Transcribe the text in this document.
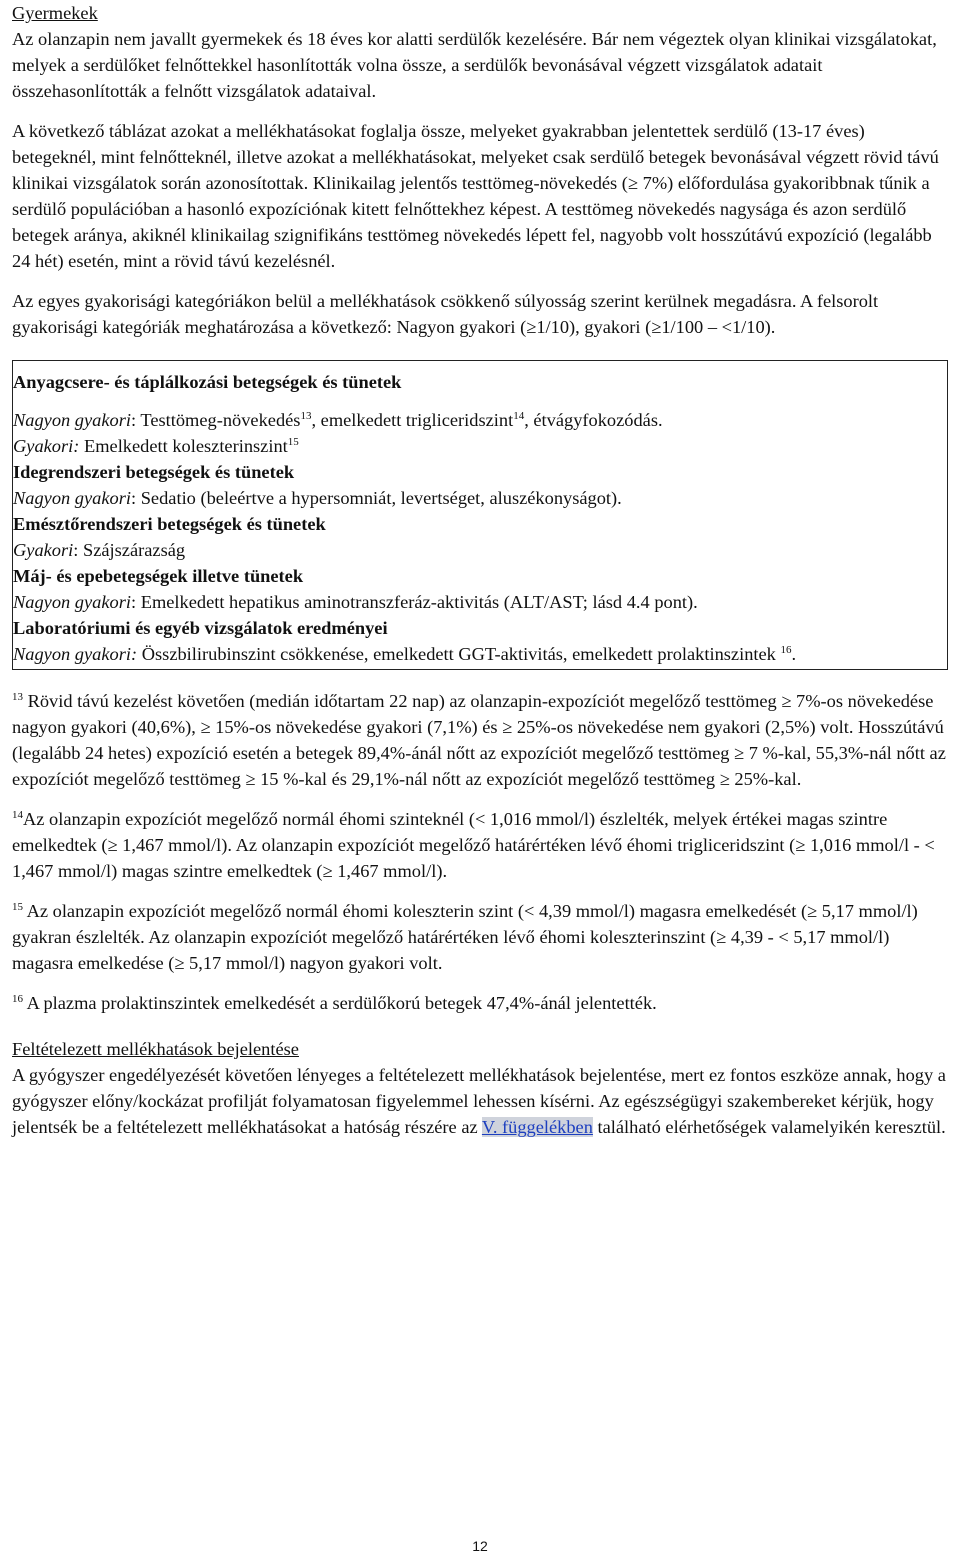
Gyermekek

Az olanzapin nem javallt gyermekek és 18 éves kor alatti serdülők kezelésére. Bár nem végeztek olyan klinikai vizsgálatokat, melyek a serdülőket felnőttekkel hasonlították volna össze, a serdülők bevonásával végzett vizsgálatok adatait összehasonlították a felnőtt vizsgálatok adataival.

A következő táblázat azokat a mellékhatásokat foglalja össze, melyeket gyakrabban jelentettek serdülő (13-17 éves) betegeknél, mint felnőtteknél, illetve azokat a mellékhatásokat, melyeket csak serdülő betegek bevonásával végzett rövid távú klinikai vizsgálatok során azonosítottak. Klinikailag jelentős testtömeg-növekedés (≥ 7%) előfordulása gyakoribbnak tűnik a serdülő populációban a hasonló expozíciónak kitett felnőttekhez képest. A testtömeg növekedés nagysága és azon serdülő betegek aránya, akiknél klinikailag szignifikáns testtömeg növekedés lépett fel, nagyobb volt hosszútávú expozíció (legalább 24 hét) esetén, mint a rövid távú kezelésnél.

Az egyes gyakorisági kategóriákon belül a mellékhatások csökkenő súlyosság szerint kerülnek megadásra. A felsorolt gyakorisági kategóriák meghatározása a következő: Nagyon gyakori (≥1/10), gyakori (≥1/100 – <1/10).

Anyagcsere- és táplálkozási betegségek és tünetek

Nagyon gyakori: Testtömeg-növekedés$^{13}$, emelkedett trigliceridszint$^{14}$, étvágyfokozódás.

Gyakori: Emelkedett koleszterinszint$^{15}$

Idegrendszeri betegségek és tünetek

Nagyon gyakori: Sedatio (beleértve a hypersomniát, levertséget, aluszékonyságot).

Emésztőrendszeri betegségek és tünetek

Gyakori: Szájszárazság

Máj- és epebetegségek illetve tünetek

Nagyon gyakori: Emelkedett hepatikus aminotranszferáz-aktivitás (ALT/AST; lásd 4.4 pont).

Laboratóriumi és egyéb vizsgálatok eredményei

Nagyon gyakori: Összbilirubinszint csökkenése, emelkedett GGT-aktivitás, emelkedett prolaktinszintek $^{16}$.

$^{13}$ Rövid távú kezelést követően (medián időtartam 22 nap) az olanzapin-expozíciót megelőző testtömeg ≥ 7%-os növekedése nagyon gyakori (40,6%), ≥ 15%-os növekedése gyakori (7,1%) és ≥ 25%-os növekedése nem gyakori (2,5%) volt. Hosszútávú (legalább 24 hetes) expozíció esetén a betegek 89,4%-ánál nőtt az expozíciót megelőző testtömeg ≥ 7 %-kal, 55,3%-nál nőtt az expozíciót megelőző testtömeg ≥ 15 %-kal és 29,1%-nál nőtt az expozíciót megelőző testtömeg ≥ 25%-kal.

$^{14}$Az olanzapin expozíciót megelőző normál éhomi szinteknél (< 1,016 mmol/l) észlelték, melyek értékei magas szintre emelkedtek (≥ 1,467 mmol/l). Az olanzapin expozíciót megelőző határértéken lévő éhomi trigliceridszint (≥ 1,016 mmol/l - < 1,467 mmol/l) magas szintre emelkedtek (≥ 1,467 mmol/l).

$^{15}$ Az olanzapin expozíciót megelőző normál éhomi koleszterin szint (< 4,39 mmol/l) magasra emelkedését (≥ 5,17 mmol/l) gyakran észlelték. Az olanzapin expozíciót megelőző határértéken lévő éhomi koleszterinszint (≥ 4,39 - < 5,17 mmol/l) magasra emelkedése (≥ 5,17 mmol/l) nagyon gyakori volt.

$^{16}$ A plazma prolaktinszintek emelkedését a serdülőkorú betegek 47,4%-ánál jelentették.

Feltételezett mellékhatások bejelentése

A gyógyszer engedélyezését követően lényeges a feltételezett mellékhatások bejelentése, mert ez fontos eszköze annak, hogy a gyógyszer előny/kockázat profilját folyamatosan figyelemmel lehessen kísérni. Az egészségügyi szakembereket kérjük, hogy jelentsék be a feltételezett mellékhatásokat a hatóság részére az V. függelékben található elérhetőségek valamelyikén keresztül.

12
